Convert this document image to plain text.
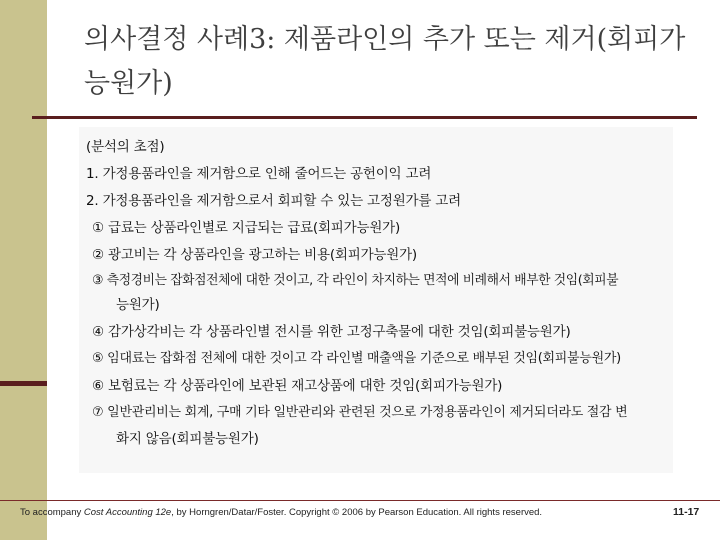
의사결정 사례3: 제품라인의 추가 또는 제거(회피가능원가)
(분석의 초점)
1. 가정용품라인을 제거함으로 인해 줄어드는 공헌이익 고려
2. 가정용품라인을 제거함으로서 회피할 수 있는 고정원가를 고려
① 급료는 상품라인별로 지급되는 급료(회피가능원가)
② 광고비는 각 상품라인을 광고하는 비용(회피가능원가)
③ 측정경비는 잡화점전체에 대한 것이고, 각 라인이 차지하는 면적에 비례해서 배부한 것임(회피불
능원가)
④ 감가상각비는 각 상품라인별 전시를 위한 고정구축물에 대한 것임(회피불능원가)
⑤ 임대료는 잡화점 전체에 대한 것이고 각 라인별 매출액을 기준으로 배부된 것임(회피불능원가)
⑥ 보험료는 각 상품라인에 보관된 재고상품에 대한 것임(회피가능원가)
⑦ 일반관리비는 회계, 구매 기타 일반관리와 관련된 것으로 가정용품라인이 제거되더라도 절감 변
화지 않음(회피불능원가)
To accompany Cost Accounting 12e, by Horngren/Datar/Foster. Copyright © 2006 by Pearson Education. All rights reserved.	11-17
